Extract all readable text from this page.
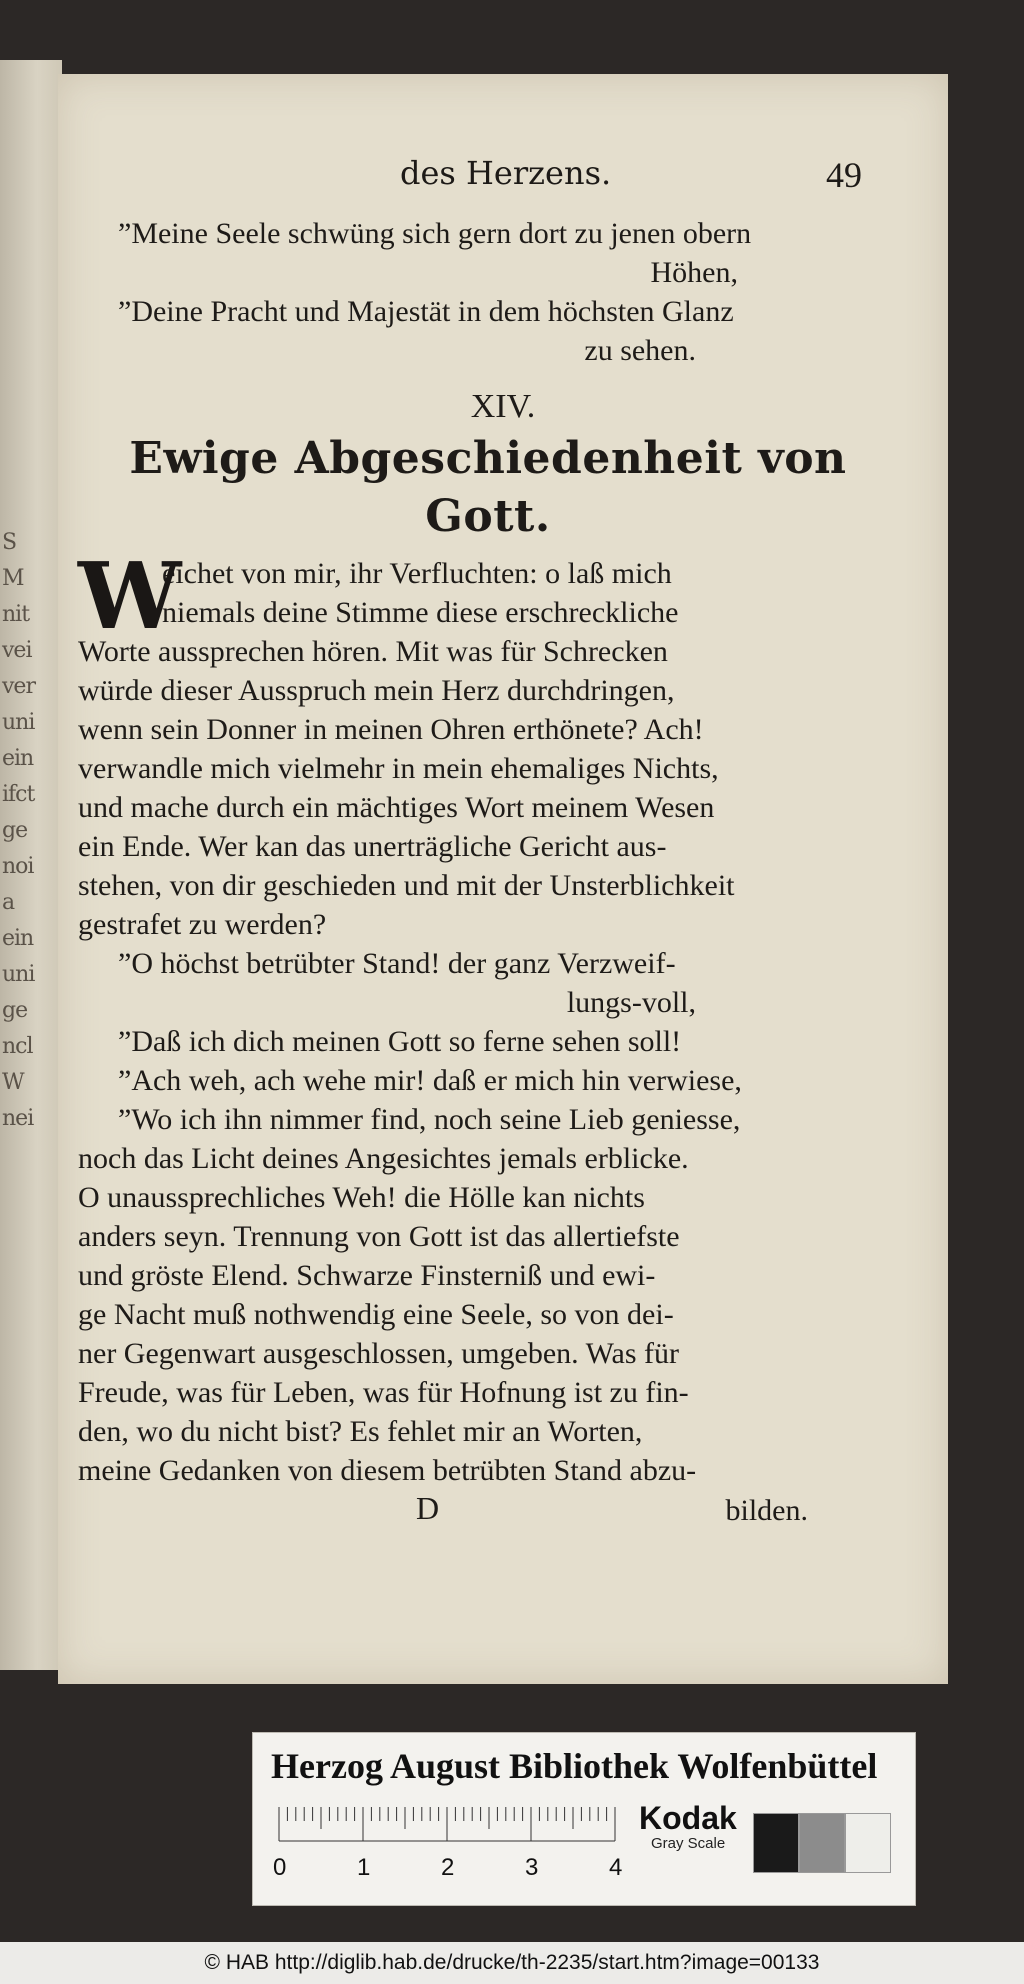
S
M
nit
vei
ver
uni
ein
ifct
ge
noi
a
ein
uni
ge
ncl
W
nei
des Herzens.	49
”Meine Seele schwüng sich gern dort zu jenen obern
Höhen,
”Deine Pracht und Majestät in dem höchsten Glanz
zu sehen.
XIV.
Ewige Abgeschiedenheit von Gott.
W
eichet von mir, ihr Verfluchten: o laß mich
niemals deine Stimme diese erschreckliche
Worte aussprechen hören. Mit was für Schrecken
würde dieser Ausspruch mein Herz durchdringen,
wenn sein Donner in meinen Ohren erthönete? Ach!
verwandle mich vielmehr in mein ehemaliges Nichts,
und mache durch ein mächtiges Wort meinem Wesen
ein Ende. Wer kan das unerträgliche Gericht aus-
stehen, von dir geschieden und mit der Unsterblichkeit
gestrafet zu werden?
”O höchst betrübter Stand! der ganz Verzweif-
lungs-voll,
”Daß ich dich meinen Gott so ferne sehen soll!
”Ach weh, ach wehe mir! daß er mich hin verwiese,
”Wo ich ihn nimmer find, noch seine Lieb geniesse,
noch das Licht deines Angesichtes jemals erblicke.
O unaussprechliches Weh! die Hölle kan nichts
anders seyn. Trennung von Gott ist das allertiefste
und gröste Elend. Schwarze Finsterniß und ewi-
ge Nacht muß nothwendig eine Seele, so von dei-
ner Gegenwart ausgeschlossen, umgeben. Was für
Freude, was für Leben, was für Hofnung ist zu fin-
den, wo du nicht bist? Es fehlet mir an Worten,
meine Gedanken von diesem betrübten Stand abzu-
D	bilden.
Herzog August Bibliothek Wolfenbüttel
0	1	2	3	4
Kodak
Gray Scale
© HAB http://diglib.hab.de/drucke/th-2235/start.htm?image=00133
